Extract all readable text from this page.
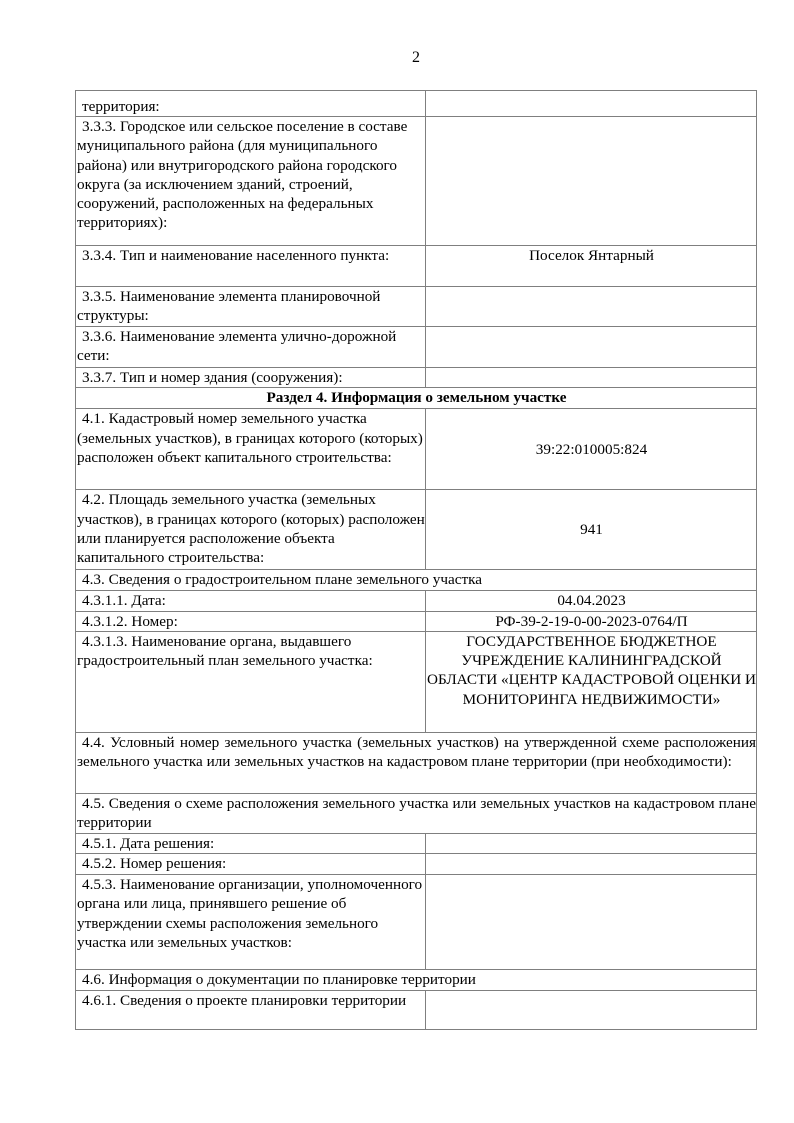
2
территория:	
3.3.3. Городское или сельское поселение в составе муниципального района (для муниципального района) или внутригородского района городского округа (за исключением зданий, строений, сооружений, расположенных на федеральных территориях):	
3.3.4. Тип и наименование населенного пункта:	Поселок Янтарный
3.3.5. Наименование элемента планировочной структуры:	
3.3.6. Наименование элемента улично-дорожной сети:	
3.3.7. Тип и номер здания (сооружения):	
Раздел 4. Информация о земельном участке	
4.1. Кадастровый номер земельного участка (земельных участков), в границах которого (которых) расположен объект капитального строительства:	39:22:010005:824
4.2. Площадь земельного участка (земельных участков), в границах которого (которых) расположен или планируется расположение объекта капитального строительства:	941
4.3. Сведения о градостроительном плане земельного участка	
4.3.1.1. Дата:	04.04.2023
4.3.1.2. Номер:	РФ-39-2-19-0-00-2023-0764/П
4.3.1.3. Наименование органа, выдавшего градостроительный план земельного участка:	ГОСУДАРСТВЕННОЕ БЮДЖЕТНОЕ УЧРЕЖДЕНИЕ КАЛИНИНГРАДСКОЙ ОБЛАСТИ «ЦЕНТР КАДАСТРОВОЙ ОЦЕНКИ И МОНИТОРИНГА НЕДВИЖИМОСТИ»
4.4. Условный номер земельного участка (земельных участков) на утвержденной схеме расположения земельного участка или земельных участков на кадастровом плане территории (при необходимости):	
4.5. Сведения о схеме расположения земельного участка или земельных участков на кадастровом плане территории	
4.5.1. Дата решения:	
4.5.2. Номер решения:	
4.5.3. Наименование организации, уполномоченного органа или лица, принявшего решение об утверждении схемы расположения земельного участка или земельных участков:	
4.6. Информация о документации по планировке территории	
4.6.1. Сведения о проекте планировки территории	
